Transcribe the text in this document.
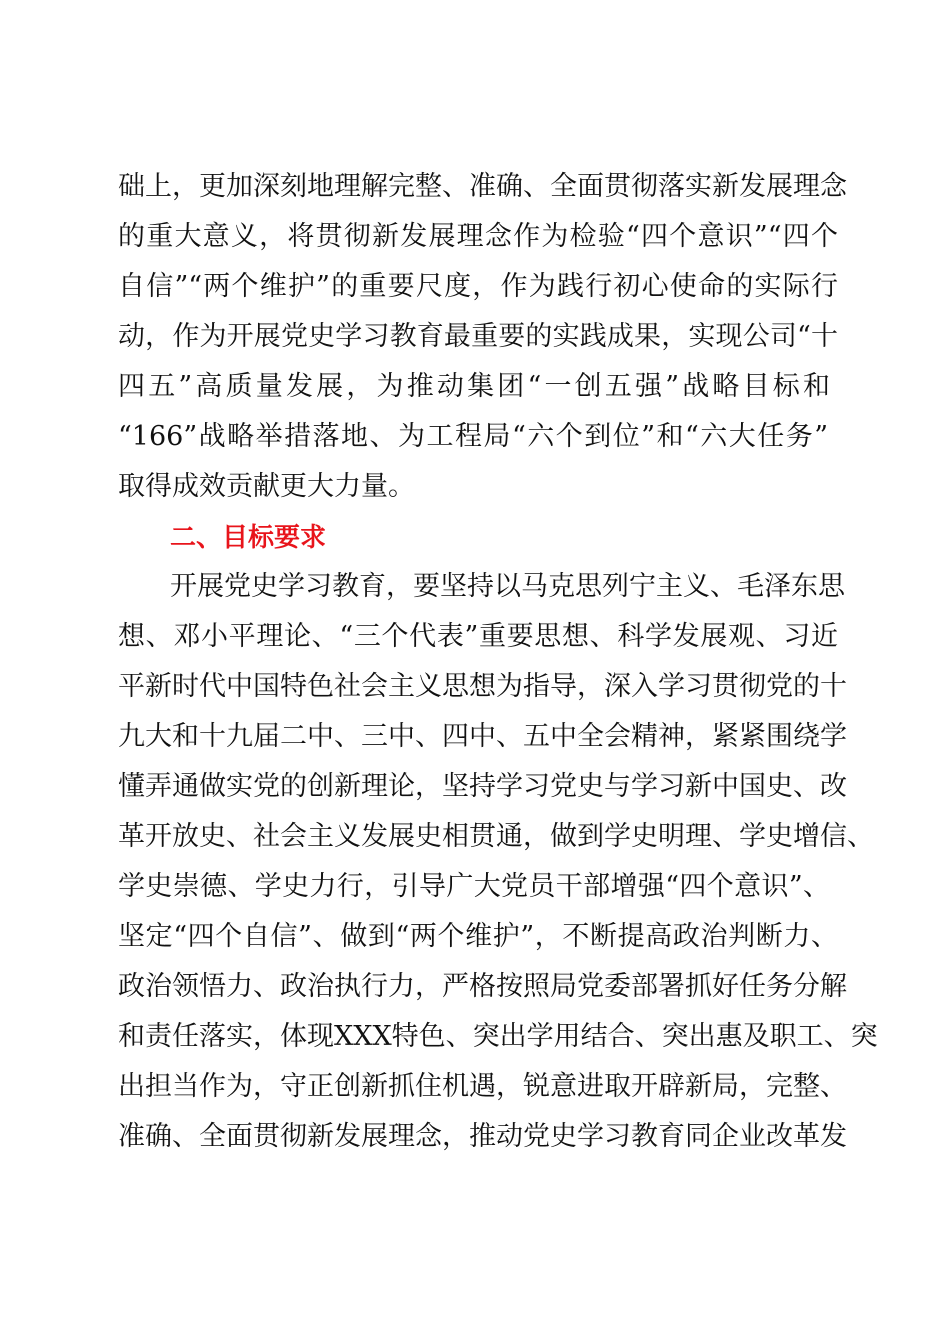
础上，更加深刻地理解完整、准确、全面贯彻落实新发展理念
的重大意义，将贯彻新发展理念作为检验“四个意识”“四个
自信”“两个维护”的重要尺度，作为践行初心使命的实际行
动，作为开展党史学习教育最重要的实践成果，实现公司“十
四五”高质量发展，为推动集团“一创五强”战略目标和
“166”战略举措落地、为工程局“六个到位”和“六大任务”
取得成效贡献更大力量。
二、目标要求
开展党史学习教育，要坚持以马克思列宁主义、毛泽东思
想、邓小平理论、“三个代表”重要思想、科学发展观、习近
平新时代中国特色社会主义思想为指导，深入学习贯彻党的十
九大和十九届二中、三中、四中、五中全会精神，紧紧围绕学
懂弄通做实党的创新理论，坚持学习党史与学习新中国史、改
革开放史、社会主义发展史相贯通，做到学史明理、学史增信、
学史崇德、学史力行，引导广大党员干部增强“四个意识”、
坚定“四个自信”、做到“两个维护”，不断提高政治判断力、
政治领悟力、政治执行力，严格按照局党委部署抓好任务分解
和责任落实，体现XXX特色、突出学用结合、突出惠及职工、突
出担当作为，守正创新抓住机遇，锐意进取开辟新局，完整、
准确、全面贯彻新发展理念，推动党史学习教育同企业改革发
